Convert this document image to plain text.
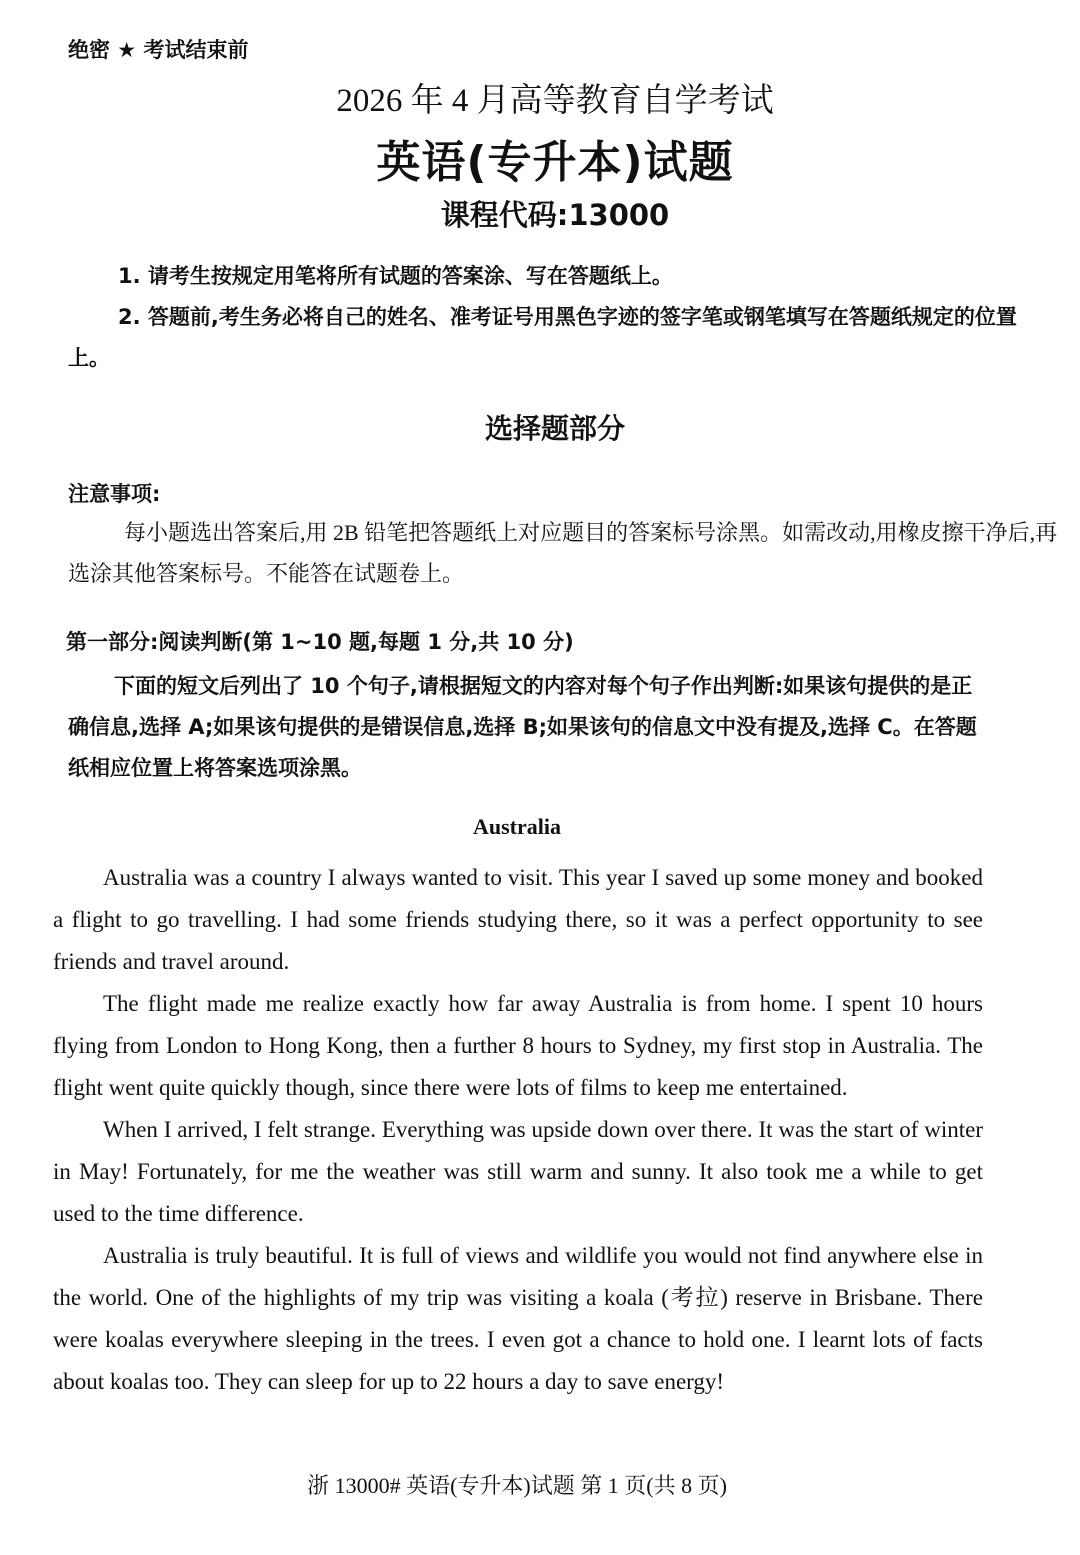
绝密 ★ 考试结束前
2026 年 4 月高等教育自学考试
英语(专升本)试题
课程代码:13000

1. 请考生按规定用笔将所有试题的答案涂、写在答题纸上。

2. 答题前,考生务必将自己的姓名、准考证号用黑色字迹的签字笔或钢笔填写在答题纸规定的位置上。

选择题部分
注意事项:

每小题选出答案后,用 2B 铅笔把答题纸上对应题目的答案标号涂黑。如需改动,用橡皮擦干净后,再选涂其他答案标号。不能答在试题卷上。

第一部分:阅读判断(第 1~10 题,每题 1 分,共 10 分)

下面的短文后列出了 10 个句子,请根据短文的内容对每个句子作出判断:如果该句提供的是正确信息,选择 A;如果该句提供的是错误信息,选择 B;如果该句的信息文中没有提及,选择 C。在答题纸相应位置上将答案选项涂黑。

Australia

Australia was a country I always wanted to visit. This year I saved up some money and booked a flight to go travelling. I had some friends studying there, so it was a perfect opportunity to see friends and travel around.

The flight made me realize exactly how far away Australia is from home. I spent 10 hours flying from London to Hong Kong, then a further 8 hours to Sydney, my first stop in Australia. The flight went quite quickly though, since there were lots of films to keep me entertained.

When I arrived, I felt strange. Everything was upside down over there. It was the start of winter in May! Fortunately, for me the weather was still warm and sunny. It also took me a while to get used to the time difference.

Australia is truly beautiful. It is full of views and wildlife you would not find anywhere else in the world. One of the highlights of my trip was visiting a koala (考拉) reserve in Brisbane. There were koalas everywhere sleeping in the trees. I even got a chance to hold one. I learnt lots of facts about koalas too. They can sleep for up to 22 hours a day to save energy!

浙 13000# 英语(专升本)试题 第 1 页(共 8 页)
